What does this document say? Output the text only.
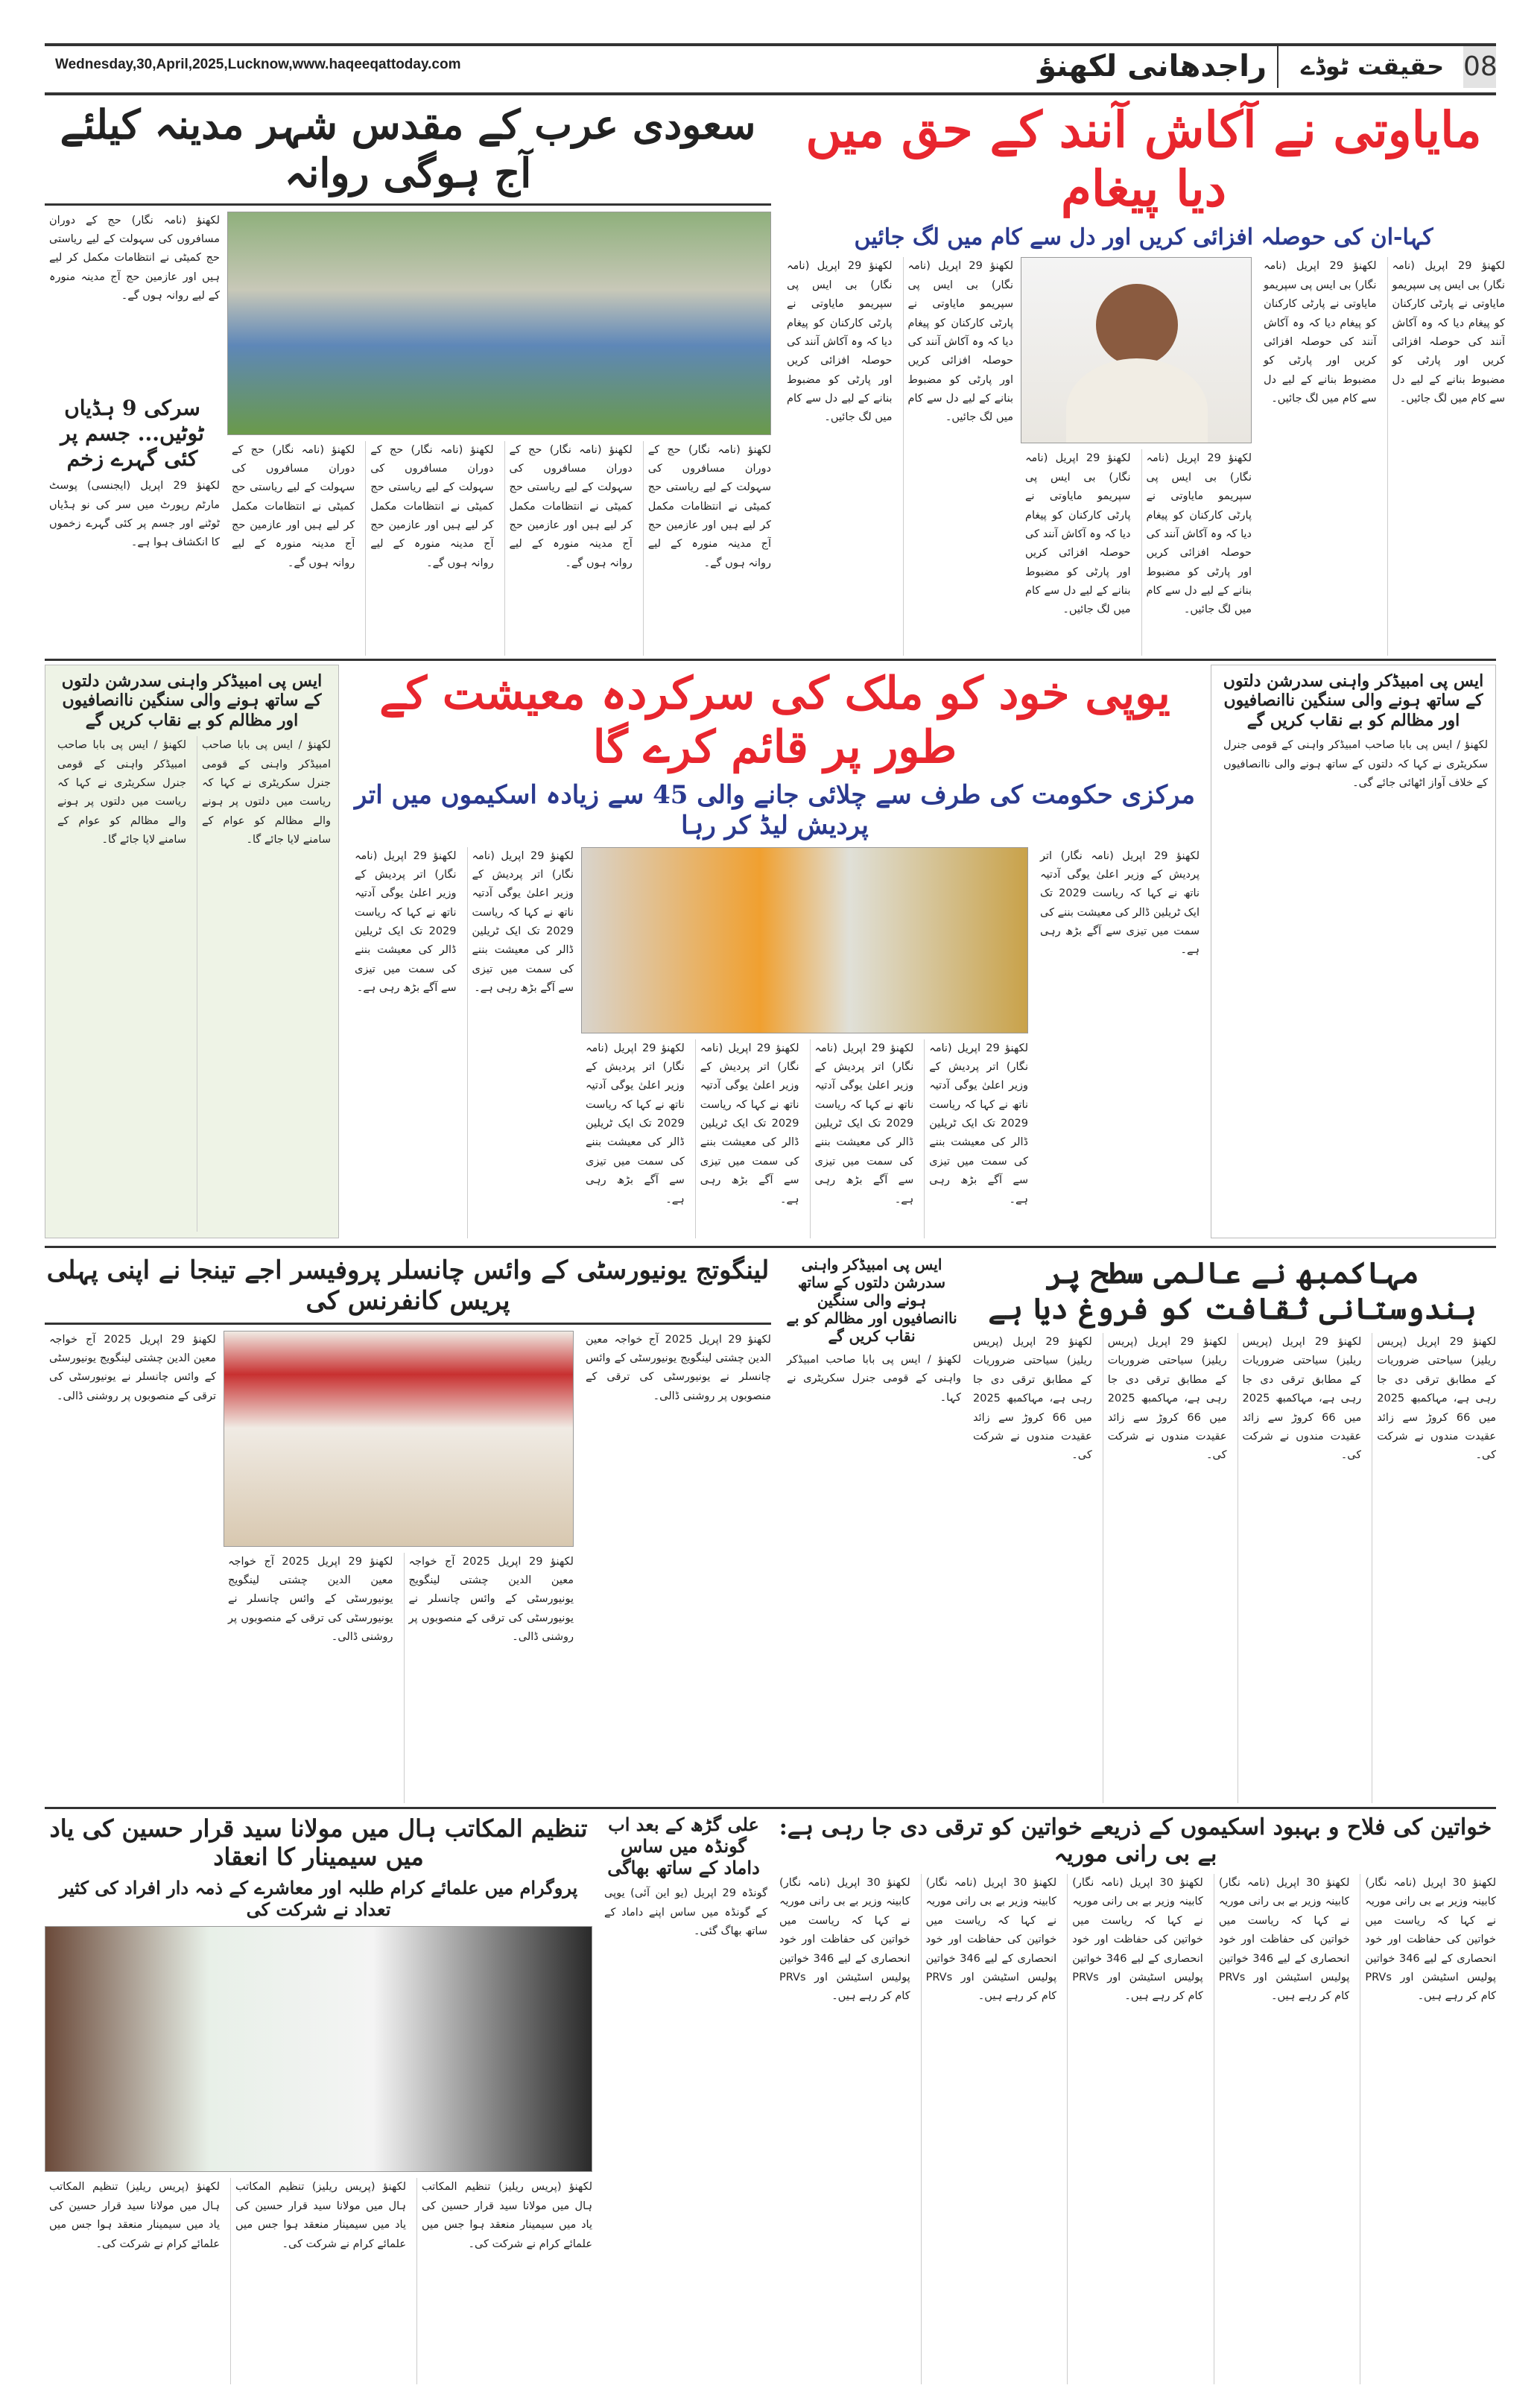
Wednesday,30,April,2025,Lucknow,www.haqeeqattoday.com	راجدھانی لکھنؤ	حقیقت ٹوڈے 08
مایاوتی نے آکاش آنند کے حق میں دیا پیغام
کہا-ان کی حوصلہ افزائی کریں اور دل سے کام میں لگ جائیں
لکھنؤ 29 اپریل (نامہ نگار) بی ایس پی سپریمو مایاوتی نے پارٹی کارکنان کو پیغام دیا کہ وہ آکاش آنند کی حوصلہ افزائی کریں اور پارٹی کو مضبوط بنانے کے لیے دل سے کام میں لگ جائیں۔
لکھنؤ 29 اپریل (نامہ نگار) بی ایس پی سپریمو مایاوتی نے پارٹی کارکنان کو پیغام دیا کہ وہ آکاش آنند کی حوصلہ افزائی کریں اور پارٹی کو مضبوط بنانے کے لیے دل سے کام میں لگ جائیں۔
لکھنؤ 29 اپریل (نامہ نگار) بی ایس پی سپریمو مایاوتی نے پارٹی کارکنان کو پیغام دیا کہ وہ آکاش آنند کی حوصلہ افزائی کریں اور پارٹی کو مضبوط بنانے کے لیے دل سے کام میں لگ جائیں۔
لکھنؤ 29 اپریل (نامہ نگار) بی ایس پی سپریمو مایاوتی نے پارٹی کارکنان کو پیغام دیا کہ وہ آکاش آنند کی حوصلہ افزائی کریں اور پارٹی کو مضبوط بنانے کے لیے دل سے کام میں لگ جائیں۔
لکھنؤ 29 اپریل (نامہ نگار) بی ایس پی سپریمو مایاوتی نے پارٹی کارکنان کو پیغام دیا کہ وہ آکاش آنند کی حوصلہ افزائی کریں اور پارٹی کو مضبوط بنانے کے لیے دل سے کام میں لگ جائیں۔
لکھنؤ 29 اپریل (نامہ نگار) بی ایس پی سپریمو مایاوتی نے پارٹی کارکنان کو پیغام دیا کہ وہ آکاش آنند کی حوصلہ افزائی کریں اور پارٹی کو مضبوط بنانے کے لیے دل سے کام میں لگ جائیں۔
سعودی عرب کے مقدس شہر مدینہ کیلئے آج ہوگی روانہ
لکھنؤ (نامہ نگار) حج کے دوران مسافروں کی سہولت کے لیے ریاستی حج کمیٹی نے انتظامات مکمل کر لیے ہیں اور عازمین حج آج مدینہ منورہ کے لیے روانہ ہوں گے۔
سرکی 9 ہڈیاں ٹوٹیں... جسم پر کئی گہرے زخم
لکھنؤ 29 اپریل (ایجنسی) پوسٹ مارٹم رپورٹ میں سر کی نو ہڈیاں ٹوٹنے اور جسم پر کئی گہرے زخموں کا انکشاف ہوا ہے۔
لکھنؤ (نامہ نگار) حج کے دوران مسافروں کی سہولت کے لیے ریاستی حج کمیٹی نے انتظامات مکمل کر لیے ہیں اور عازمین حج آج مدینہ منورہ کے لیے روانہ ہوں گے۔
لکھنؤ (نامہ نگار) حج کے دوران مسافروں کی سہولت کے لیے ریاستی حج کمیٹی نے انتظامات مکمل کر لیے ہیں اور عازمین حج آج مدینہ منورہ کے لیے روانہ ہوں گے۔
لکھنؤ (نامہ نگار) حج کے دوران مسافروں کی سہولت کے لیے ریاستی حج کمیٹی نے انتظامات مکمل کر لیے ہیں اور عازمین حج آج مدینہ منورہ کے لیے روانہ ہوں گے۔
لکھنؤ (نامہ نگار) حج کے دوران مسافروں کی سہولت کے لیے ریاستی حج کمیٹی نے انتظامات مکمل کر لیے ہیں اور عازمین حج آج مدینہ منورہ کے لیے روانہ ہوں گے۔
ایس پی امبیڈکر واہنی سدرشن دلتوں کے ساتھ ہونے والی سنگین ناانصافیوں اور مظالم کو بے نقاب کریں گے
لکھنؤ / ایس پی بابا صاحب امبیڈکر واہنی کے قومی جنرل سکریٹری نے کہا کہ ریاست میں دلتوں پر ہونے والے مظالم کو عوام کے سامنے لایا جائے گا۔
لکھنؤ / ایس پی بابا صاحب امبیڈکر واہنی کے قومی جنرل سکریٹری نے کہا کہ ریاست میں دلتوں پر ہونے والے مظالم کو عوام کے سامنے لایا جائے گا۔
یوپی خود کو ملک کی سرکردہ معیشت کے طور پر قائم کرے گا
مرکزی حکومت کی طرف سے چلائی جانے والی 45 سے زیادہ اسکیموں میں اتر پردیش لیڈ کر رہا
لکھنؤ 29 اپریل (نامہ نگار) اتر پردیش کے وزیر اعلیٰ یوگی آدتیہ ناتھ نے کہا کہ ریاست 2029 تک ایک ٹریلین ڈالر کی معیشت بننے کی سمت میں تیزی سے آگے بڑھ رہی ہے۔
لکھنؤ 29 اپریل (نامہ نگار) اتر پردیش کے وزیر اعلیٰ یوگی آدتیہ ناتھ نے کہا کہ ریاست 2029 تک ایک ٹریلین ڈالر کی معیشت بننے کی سمت میں تیزی سے آگے بڑھ رہی ہے۔
لکھنؤ 29 اپریل (نامہ نگار) اتر پردیش کے وزیر اعلیٰ یوگی آدتیہ ناتھ نے کہا کہ ریاست 2029 تک ایک ٹریلین ڈالر کی معیشت بننے کی سمت میں تیزی سے آگے بڑھ رہی ہے۔
لکھنؤ 29 اپریل (نامہ نگار) اتر پردیش کے وزیر اعلیٰ یوگی آدتیہ ناتھ نے کہا کہ ریاست 2029 تک ایک ٹریلین ڈالر کی معیشت بننے کی سمت میں تیزی سے آگے بڑھ رہی ہے۔
لکھنؤ 29 اپریل (نامہ نگار) اتر پردیش کے وزیر اعلیٰ یوگی آدتیہ ناتھ نے کہا کہ ریاست 2029 تک ایک ٹریلین ڈالر کی معیشت بننے کی سمت میں تیزی سے آگے بڑھ رہی ہے۔
لکھنؤ 29 اپریل (نامہ نگار) اتر پردیش کے وزیر اعلیٰ یوگی آدتیہ ناتھ نے کہا کہ ریاست 2029 تک ایک ٹریلین ڈالر کی معیشت بننے کی سمت میں تیزی سے آگے بڑھ رہی ہے۔
لکھنؤ 29 اپریل (نامہ نگار) اتر پردیش کے وزیر اعلیٰ یوگی آدتیہ ناتھ نے کہا کہ ریاست 2029 تک ایک ٹریلین ڈالر کی معیشت بننے کی سمت میں تیزی سے آگے بڑھ رہی ہے۔
ایس پی امبیڈکر واہنی سدرشن دلتوں کے ساتھ ہونے والی سنگین ناانصافیوں اور مظالم کو بے نقاب کریں گے
لکھنؤ / ایس پی بابا صاحب امبیڈکر واہنی کے قومی جنرل سکریٹری نے کہا کہ دلتوں کے ساتھ ہونے والی ناانصافیوں کے خلاف آواز اٹھائی جائے گی۔
مہاکمبھ نے عالمی سطح پر ہندوستانی ثقافت کو فروغ دیا ہے
لکھنؤ 29 اپریل (پریس ریلیز) سیاحتی ضروریات کے مطابق ترقی دی جا رہی ہے، مہاکمبھ 2025 میں 66 کروڑ سے زائد عقیدت مندوں نے شرکت کی۔
لکھنؤ 29 اپریل (پریس ریلیز) سیاحتی ضروریات کے مطابق ترقی دی جا رہی ہے، مہاکمبھ 2025 میں 66 کروڑ سے زائد عقیدت مندوں نے شرکت کی۔
لکھنؤ 29 اپریل (پریس ریلیز) سیاحتی ضروریات کے مطابق ترقی دی جا رہی ہے، مہاکمبھ 2025 میں 66 کروڑ سے زائد عقیدت مندوں نے شرکت کی۔
لکھنؤ 29 اپریل (پریس ریلیز) سیاحتی ضروریات کے مطابق ترقی دی جا رہی ہے، مہاکمبھ 2025 میں 66 کروڑ سے زائد عقیدت مندوں نے شرکت کی۔
ایس پی امبیڈکر واہنی سدرشن دلتوں کے ساتھ ہونے والی سنگین ناانصافیوں اور مظالم کو بے نقاب کریں گے
لکھنؤ / ایس پی بابا صاحب امبیڈکر واہنی کے قومی جنرل سکریٹری نے کہا۔
لینگوتج یونیورسٹی کے وائس چانسلر پروفیسر اجے تینجا نے اپنی پہلی پریس کانفرنس کی
لکھنؤ 29 اپریل 2025 آج خواجہ معین الدین چشتی لینگویج یونیورسٹی کے وائس چانسلر نے یونیورسٹی کی ترقی کے منصوبوں پر روشنی ڈالی۔
لکھنؤ 29 اپریل 2025 آج خواجہ معین الدین چشتی لینگویج یونیورسٹی کے وائس چانسلر نے یونیورسٹی کی ترقی کے منصوبوں پر روشنی ڈالی۔
لکھنؤ 29 اپریل 2025 آج خواجہ معین الدین چشتی لینگویج یونیورسٹی کے وائس چانسلر نے یونیورسٹی کی ترقی کے منصوبوں پر روشنی ڈالی۔
لکھنؤ 29 اپریل 2025 آج خواجہ معین الدین چشتی لینگویج یونیورسٹی کے وائس چانسلر نے یونیورسٹی کی ترقی کے منصوبوں پر روشنی ڈالی۔
خواتین کی فلاح و بہبود اسکیموں کے ذریعے خواتین کو ترقی دی جا رہی ہے: بے بی رانی موریہ
لکھنؤ 30 اپریل (نامہ نگار) کابینہ وزیر بے بی رانی موریہ نے کہا کہ ریاست میں خواتین کی حفاظت اور خود انحصاری کے لیے 346 خواتین پولیس اسٹیشن اور PRVs کام کر رہے ہیں۔
لکھنؤ 30 اپریل (نامہ نگار) کابینہ وزیر بے بی رانی موریہ نے کہا کہ ریاست میں خواتین کی حفاظت اور خود انحصاری کے لیے 346 خواتین پولیس اسٹیشن اور PRVs کام کر رہے ہیں۔
لکھنؤ 30 اپریل (نامہ نگار) کابینہ وزیر بے بی رانی موریہ نے کہا کہ ریاست میں خواتین کی حفاظت اور خود انحصاری کے لیے 346 خواتین پولیس اسٹیشن اور PRVs کام کر رہے ہیں۔
لکھنؤ 30 اپریل (نامہ نگار) کابینہ وزیر بے بی رانی موریہ نے کہا کہ ریاست میں خواتین کی حفاظت اور خود انحصاری کے لیے 346 خواتین پولیس اسٹیشن اور PRVs کام کر رہے ہیں۔
لکھنؤ 30 اپریل (نامہ نگار) کابینہ وزیر بے بی رانی موریہ نے کہا کہ ریاست میں خواتین کی حفاظت اور خود انحصاری کے لیے 346 خواتین پولیس اسٹیشن اور PRVs کام کر رہے ہیں۔
علی گڑھ کے بعد اب گونڈہ میں ساس داماد کے ساتھ بھاگی
گونڈہ 29 اپریل (یو این آئی) یوپی کے گونڈہ میں ساس اپنے داماد کے ساتھ بھاگ گئی۔
تنظیم المکاتب ہال میں مولانا سید قرار حسین کی یاد میں سیمینار کا انعقاد
پروگرام میں علمائے کرام طلبہ اور معاشرے کے ذمہ دار افراد کی کثیر تعداد نے شرکت کی
لکھنؤ (پریس ریلیز) تنظیم المکاتب ہال میں مولانا سید قرار حسین کی یاد میں سیمینار منعقد ہوا جس میں علمائے کرام نے شرکت کی۔
لکھنؤ (پریس ریلیز) تنظیم المکاتب ہال میں مولانا سید قرار حسین کی یاد میں سیمینار منعقد ہوا جس میں علمائے کرام نے شرکت کی۔
لکھنؤ (پریس ریلیز) تنظیم المکاتب ہال میں مولانا سید قرار حسین کی یاد میں سیمینار منعقد ہوا جس میں علمائے کرام نے شرکت کی۔
